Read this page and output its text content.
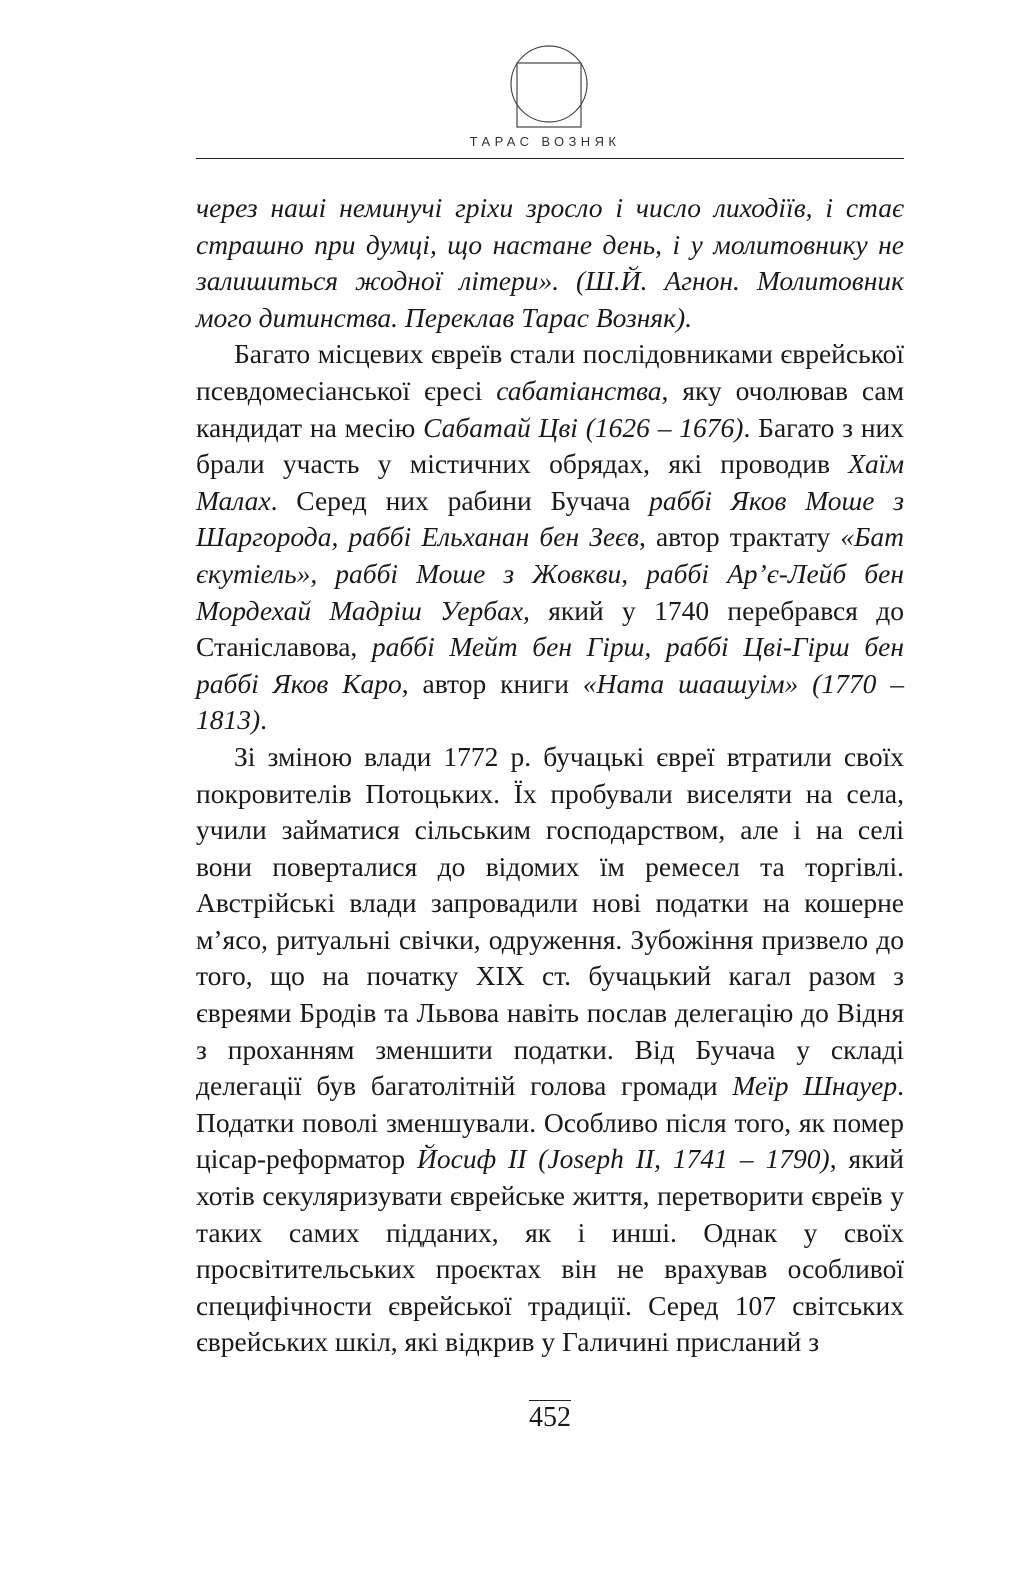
ТАРАС ВОЗНЯК

через наші неминучі гріхи зросло і число лиходіїв, і стає страшно при думці, що настане день, і у молитовнику не залишиться жодної літери». (Ш.Й. Агнон. Молитовник мого дитинства. Переклав Тарас Возняк).

Багато місцевих євреїв стали послідовниками єврейської псевдомесіанської єресі сабатіанства, яку очолював сам кандидат на месію Сабатай Цві (1626 – 1676). Багато з них брали участь у містичних обрядах, які проводив Хаїм Малах. Серед них рабини Бучача раббі Яков Моше з Шаргорода, раббі Ельханан бен Зеєв, автор трактату «Бат єкутіель», раббі Моше з Жовкви, раббі Ар’є-Лейб бен Мордехай Мадріш Уербах, який у 1740 перебрався до Станіславова, раббі Мейт бен Гірш, раббі Цві-Гірш бен раббі Яков Каро, автор книги «Ната шаашуім» (1770 – 1813).

Зі зміною влади 1772 р. бучацькі євреї втратили своїх покровителів Потоцьких. Їх пробували виселяти на села, учили займатися сільським господарством, але і на селі вони поверталися до відомих їм ремесел та торгівлі. Австрійські влади запровадили нові податки на кошерне м’ясо, ритуальні свічки, одруження. Зубожіння призвело до того, що на початку XIX ст. бучацький кагал разом з євреями Бродів та Львова навіть послав делегацію до Відня з проханням зменшити податки. Від Бучача у складі делегації був багатолітній голова громади Меїр Шнауер. Податки поволі зменшували. Особливо після того, як помер цісар-реформатор Йосиф II (Joseph II, 1741 – 1790), який хотів секуляризувати єврейське життя, перетворити євреїв у таких самих підданих, як і инші. Однак у своїх просвітительських проєктах він не врахував особливої специфічности єврейської традиції. Серед 107 світських єврейських шкіл, які відкрив у Галичині присланий з

452
